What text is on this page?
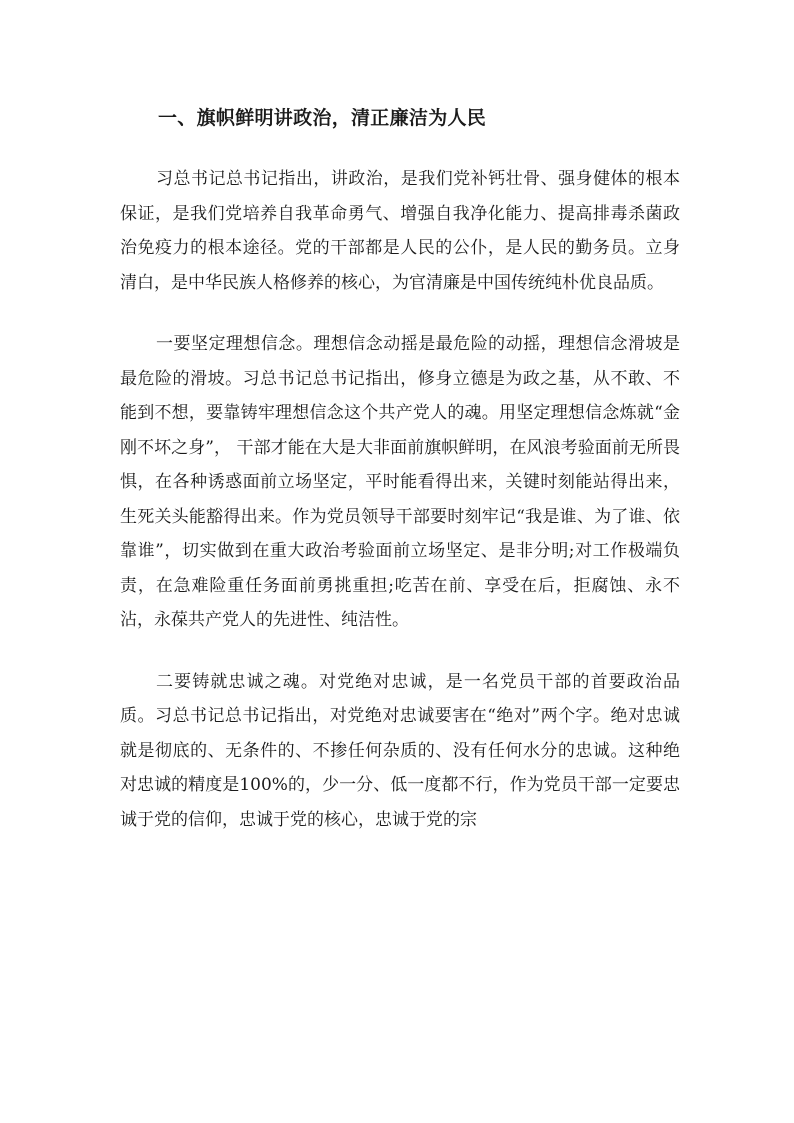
一、旗帜鲜明讲政治，清正廉洁为人民

习总书记总书记指出，讲政治，是我们党补钙壮骨、强身健体的根本保证，是我们党培养自我革命勇气、增强自我净化能力、提高排毒杀菌政治免疫力的根本途径。党的干部都是人民的公仆，是人民的勤务员。立身清白，是中华民族人格修养的核心，为官清廉是中国传统纯朴优良品质。

一要坚定理想信念。理想信念动摇是最危险的动摇，理想信念滑坡是最危险的滑坡。习总书记总书记指出，修身立德是为政之基，从不敢、不能到不想，要靠铸牢理想信念这个共产党人的魂。用坚定理想信念炼就“金刚不坏之身”， 干部才能在大是大非面前旗帜鲜明，在风浪考验面前无所畏惧，在各种诱惑面前立场坚定，平时能看得出来，关键时刻能站得出来，生死关头能豁得出来。作为党员领导干部要时刻牢记“我是谁、为了谁、依靠谁”，切实做到在重大政治考验面前立场坚定、是非分明;对工作极端负责，在急难险重任务面前勇挑重担;吃苦在前、享受在后，拒腐蚀、永不沾，永葆共产党人的先进性、纯洁性。

二要铸就忠诚之魂。对党绝对忠诚，是一名党员干部的首要政治品质。习总书记总书记指出，对党绝对忠诚要害在“绝对”两个字。绝对忠诚就是彻底的、无条件的、不掺任何杂质的、没有任何水分的忠诚。这种绝对忠诚的精度是100%的，少一分、低一度都不行，作为党员干部一定要忠诚于党的信仰，忠诚于党的核心，忠诚于党的宗
